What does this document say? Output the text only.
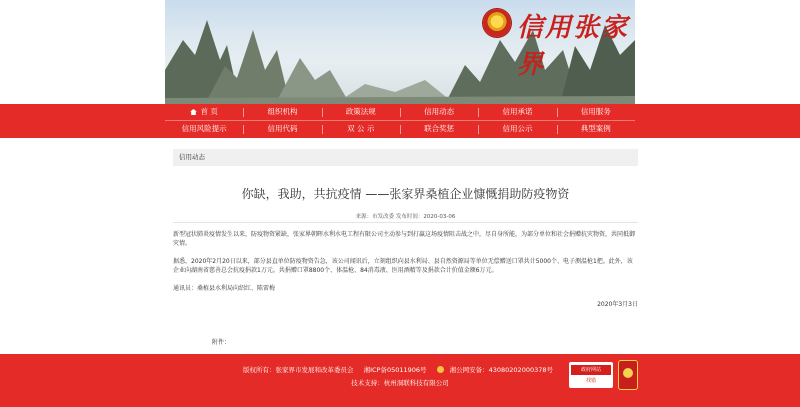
信用张家界
首 页	组织机构	政策法规	信用动态	信用承诺	信用服务
信用风险提示	信用代码	双 公 示	联合奖惩	信用公示	典型案例
信用动态
你缺，我助，共抗疫情 ——张家界桑植企业慷慨捐助防疫物资
来源：市发改委 发布时间：2020-03-06
新型冠状肺炎疫情发生以来，防疫物资紧缺，张家界朝晖水利水电工程有限公司主动参与到打赢这场疫情阻击战之中，尽自身所能，为部分单位和社会捐赠抗灾物资，共同抵御灾情。
据悉，2020年2月20日以来，部分县直单位防疫物资告急，该公司闻讯后，立刻组织向县水利局、县自然资源局等单位无偿赠送口罩共计5000个、电子测温枪1把。此外，该企业向湖南省慈善总会抗疫捐款1万元。共捐赠口罩8800个、体温枪、84消毒液、医用酒精等及捐款合计价值金额6万元。
通讯员：桑植县水利局向绍红、陈雷梅
2020年3月3日
附件：
版权所有：张家界市发展和改革委员会 湘ICP备05011906号	湘公网安备：43080202000378号
技术支持：杭州洞联科技有限公司
政府网站
找错
